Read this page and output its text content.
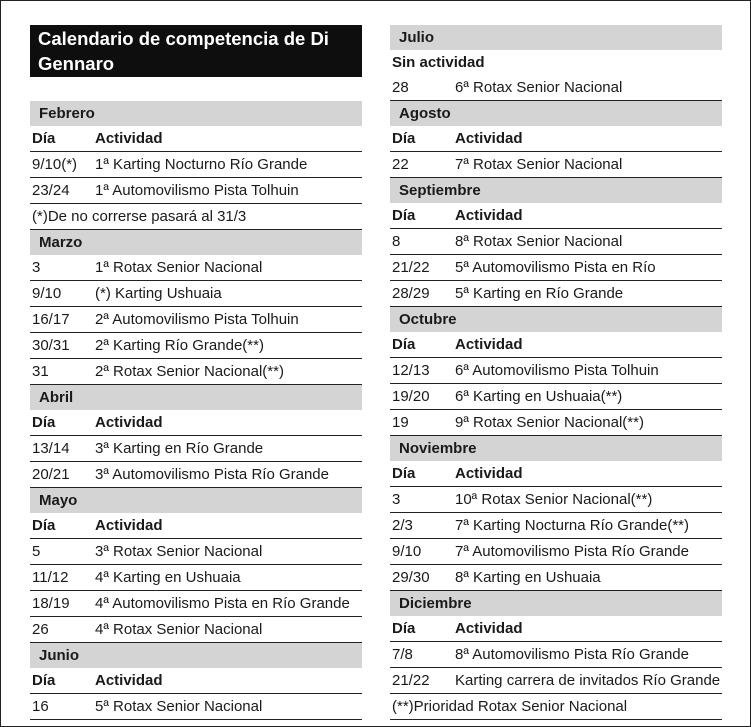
Calendario de competencia de Di Gennaro
Febrero
Día	Actividad
9/10(*) 1ª Karting Nocturno Río Grande
23/24 1ª Automovilismo Pista Tolhuin
(*)De no correrse pasará al 31/3
Marzo
3	1ª Rotax Senior Nacional
9/10 (*) Karting Ushuaia
16/17 2ª Automovilismo Pista Tolhuin
30/31 2ª Karting Río Grande(**)
31	2ª Rotax Senior Nacional(**)
Abril
Día	Actividad
13/14 3ª Karting en Río Grande
20/21 3ª Automovilismo Pista Río Grande
Mayo
Día	Actividad
5	3ª Rotax Senior Nacional
11/12 4ª Karting en Ushuaia
18/19 4ª Automovilismo Pista en Río Grande
26	4ª Rotax Senior Nacional
Junio
Día	Actividad
16	5ª Rotax Senior Nacional
Julio
Sin actividad
28	6ª Rotax Senior Nacional
Agosto
Día	Actividad
22	7ª Rotax Senior Nacional
Septiembre
Día	Actividad
8	8ª Rotax Senior Nacional
21/22 5ª Automovilismo Pista en Río
28/29 5ª Karting en Río Grande
Octubre
Día	Actividad
12/13 6ª Automovilismo Pista Tolhuin
19/20 6ª Karting en Ushuaia(**)
19	9ª Rotax Senior Nacional(**)
Noviembre
Día	Actividad
3	10ª Rotax Senior Nacional(**)
2/3	7ª Karting Nocturna Río Grande(**)
9/10 7ª Automovilismo Pista Río Grande
29/30 8ª Karting en Ushuaia
Diciembre
Día	Actividad
7/8	8ª Automovilismo Pista Río Grande
21/22 Karting carrera de invitados Río Grande
(**)Prioridad Rotax Senior Nacional
